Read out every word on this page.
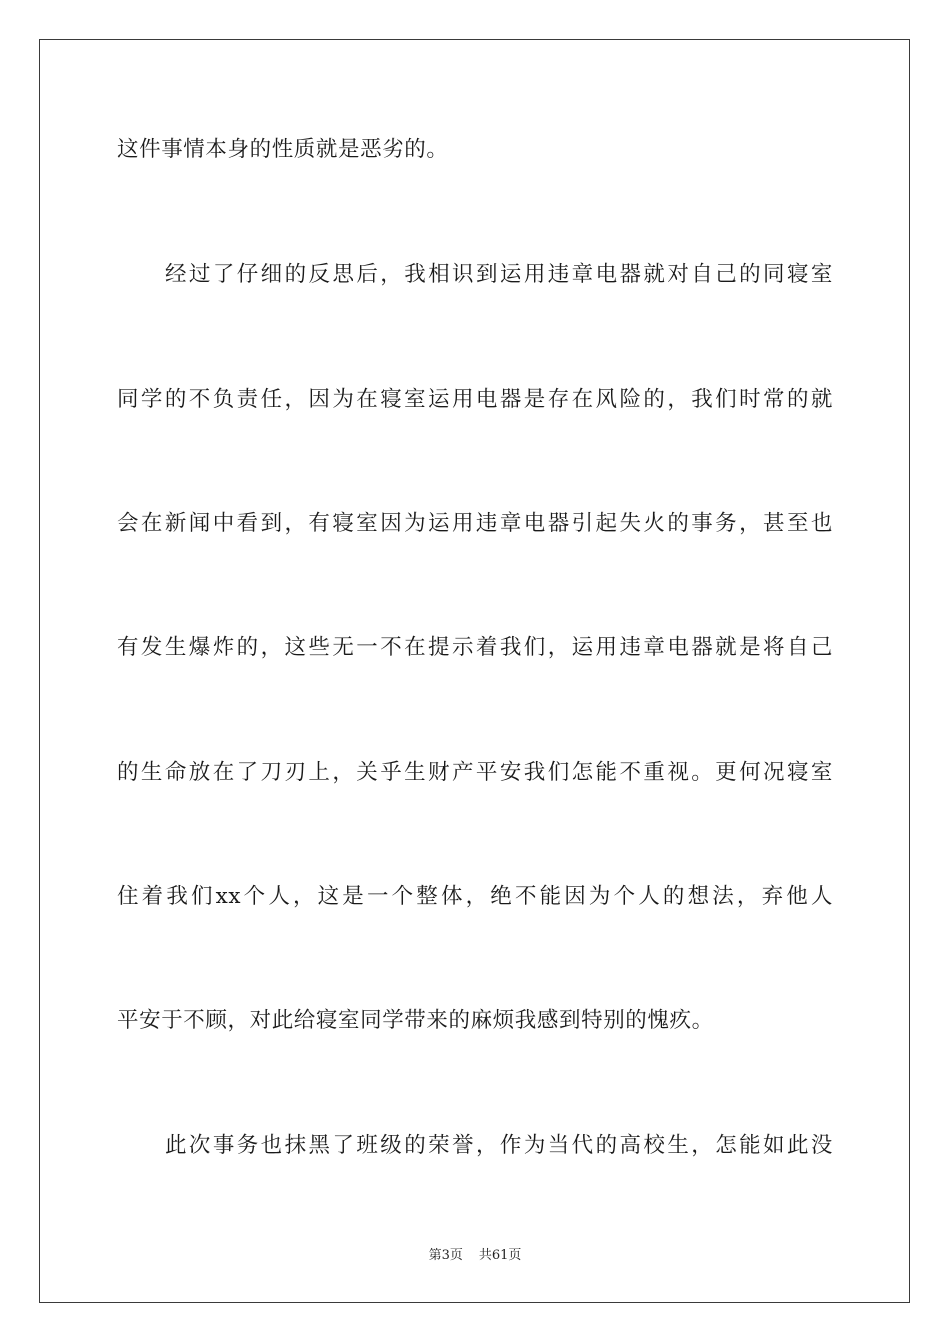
这件事情本身的性质就是恶劣的。
经过了仔细的反思后，我相识到运用违章电器就对自己的同寝室
同学的不负责任，因为在寝室运用电器是存在风险的，我们时常的就
会在新闻中看到，有寝室因为运用违章电器引起失火的事务，甚至也
有发生爆炸的，这些无一不在提示着我们，运用违章电器就是将自己
的生命放在了刀刃上，关乎生财产平安我们怎能不重视。更何况寝室
住着我们xx个人，这是一个整体，绝不能因为个人的想法，弃他人
平安于不顾，对此给寝室同学带来的麻烦我感到特别的愧疚。
此次事务也抹黑了班级的荣誉，作为当代的高校生，怎能如此没
第3页 共61页
